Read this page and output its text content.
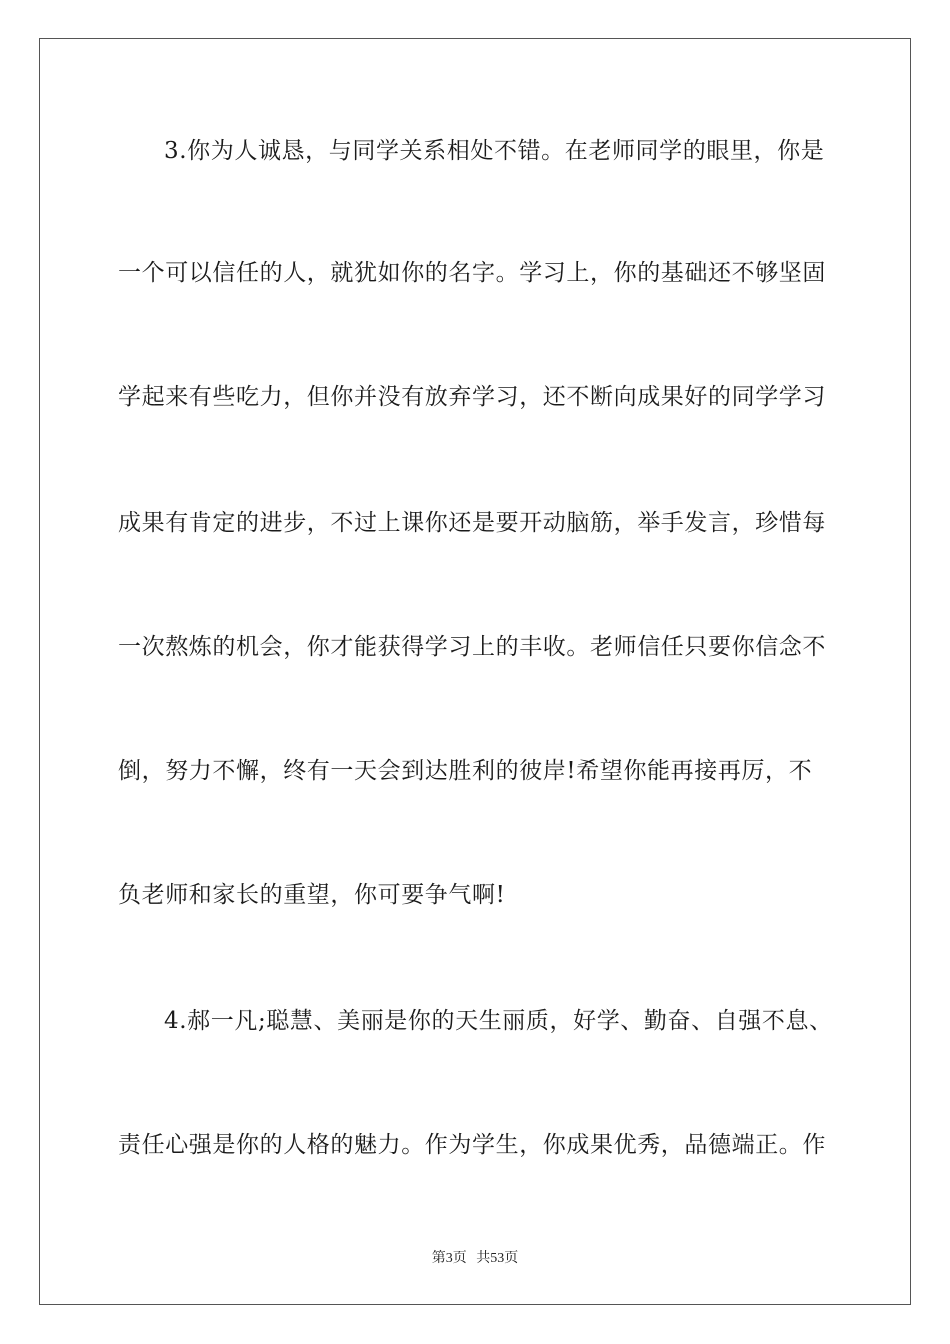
3.你为人诚恳，与同学关系相处不错。在老师同学的眼里，你是
一个可以信任的人，就犹如你的名字。学习上，你的基础还不够坚固
学起来有些吃力，但你并没有放弃学习，还不断向成果好的同学学习
成果有肯定的进步，不过上课你还是要开动脑筋，举手发言，珍惜每
一次熬炼的机会，你才能获得学习上的丰收。老师信任只要你信念不
倒，努力不懈，终有一天会到达胜利的彼岸!希望你能再接再厉，不
负老师和家长的重望，你可要争气啊!
4.郝一凡;聪慧、美丽是你的天生丽质，好学、勤奋、自强不息、
责任心强是你的人格的魅力。作为学生，你成果优秀，品德端正。作
第3页 共53页
